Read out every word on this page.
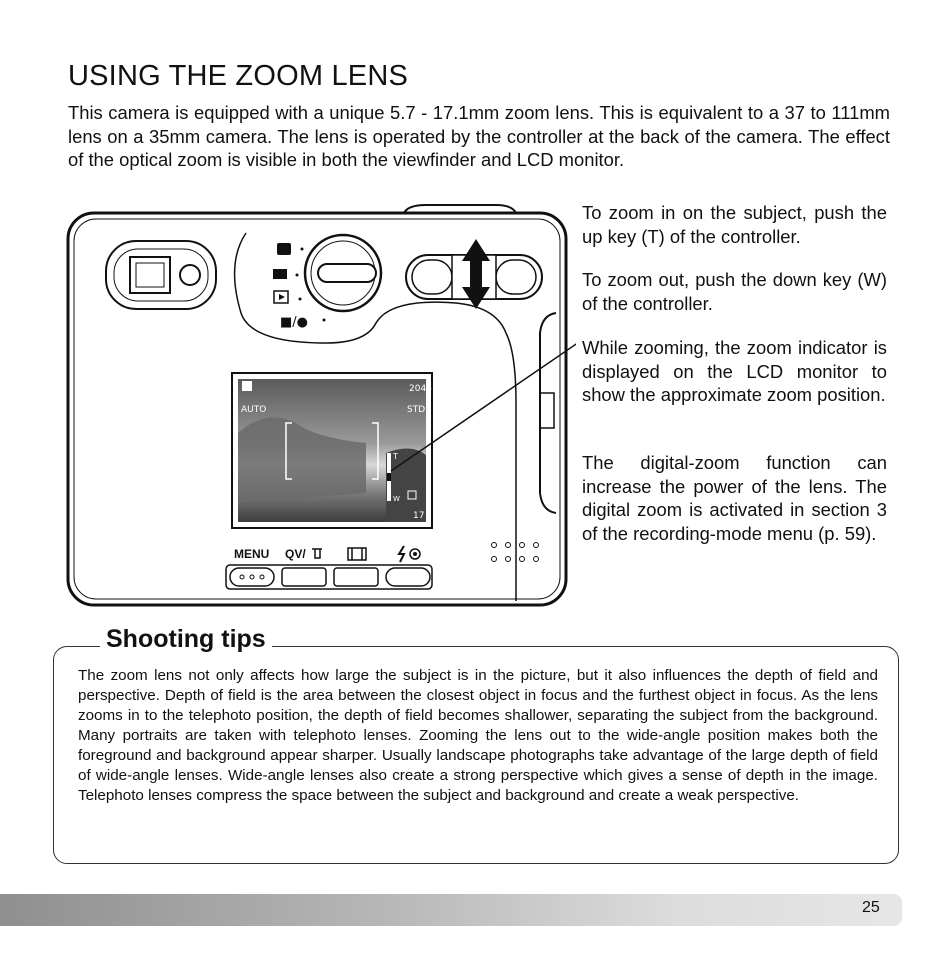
USING THE ZOOM LENS

This camera is equipped with a unique 5.7 - 17.1mm zoom lens. This is equivalent to a 37 to 111mm lens on a 35mm camera. The lens is operated by the controller at the back of the camera. The effect of the optical zoom is visible in both the viewfinder and LCD monitor.

■/●
2048
AUTO	STD.
T
W
17
MENU QV/

To zoom in on the subject, push the up key (T) of the controller.

To zoom out, push the down key (W) of the controller.

While zooming, the zoom indicator is displayed on the LCD monitor to show the approximate zoom position.

The digital-zoom function can increase the power of the lens. The digital zoom is activated in section 3 of the recording-mode menu (p. 59).

Shooting tips

The zoom lens not only affects how large the subject is in the picture, but it also influences the depth of field and perspective. Depth of field is the area between the closest object in focus and the furthest object in focus. As the lens zooms in to the telephoto position, the depth of field becomes shallower, separating the subject from the background. Many portraits are taken with telephoto lenses. Zooming the lens out to the wide-angle position makes both the foreground and background appear sharper. Usually landscape photographs take advantage of the large depth of field of wide-angle lenses. Wide-angle lenses also create a strong perspective which gives a sense of depth in the image. Telephoto lenses compress the space between the subject and background and create a weak perspective.

25
